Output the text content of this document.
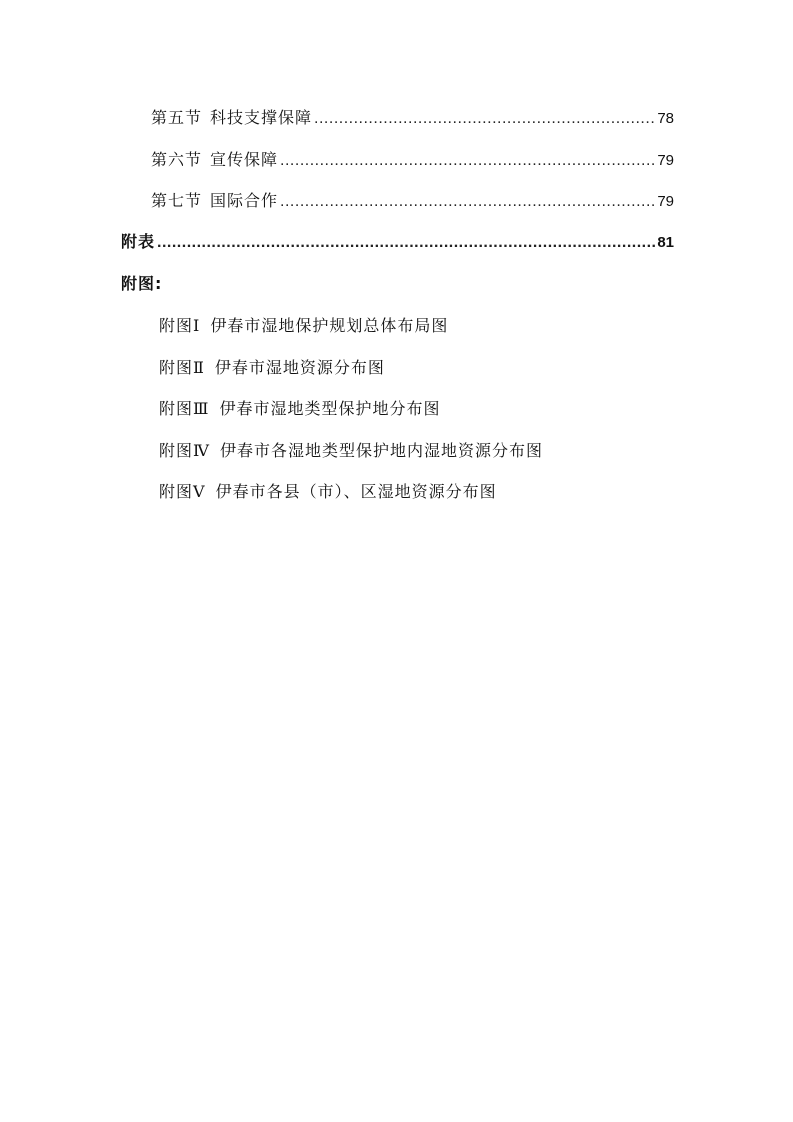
第五节 科技支撑保障 .....	78
第六节 宣传保障 .....	79
第七节 国际合作 .....	79
附表 .....	81
附图:
附图Ⅰ 伊春市湿地保护规划总体布局图
附图Ⅱ 伊春市湿地资源分布图
附图Ⅲ 伊春市湿地类型保护地分布图
附图Ⅳ 伊春市各湿地类型保护地内湿地资源分布图
附图Ⅴ 伊春市各县（市）、区湿地资源分布图
